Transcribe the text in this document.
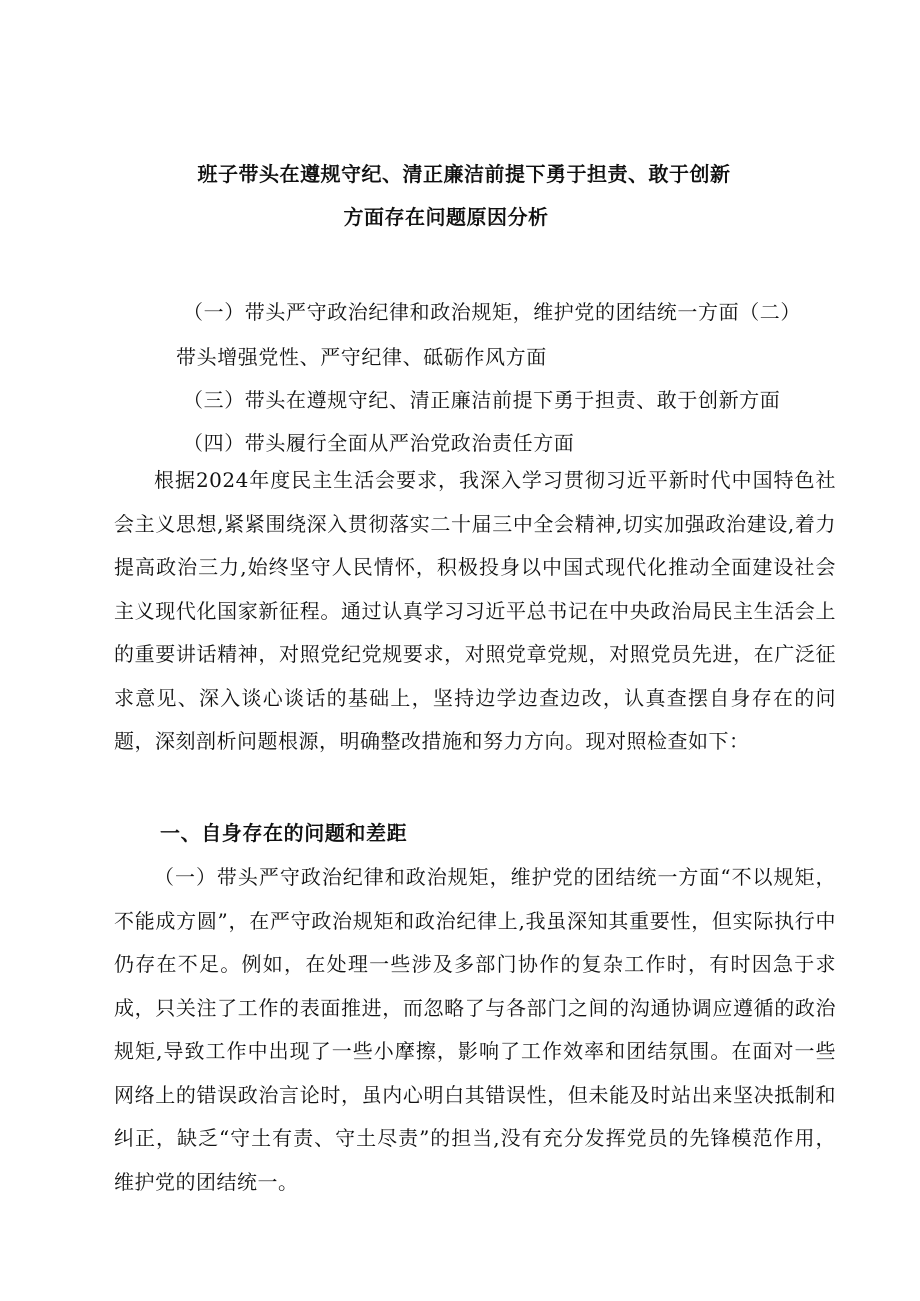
班子带头在遵规守纪、清正廉洁前提下勇于担责、敢于创新
方面存在问题原因分析
（一）带头严守政治纪律和政治规矩，维护党的团结统一方面（二）
带头增强党性、严守纪律、砥砺作风方面
（三）带头在遵规守纪、清正廉洁前提下勇于担责、敢于创新方面
（四）带头履行全面从严治党政治责任方面
根据2024年度民主生活会要求，我深入学习贯彻习近平新时代中国特色社会主义思想,紧紧围绕深入贯彻落实二十届三中全会精神,切实加强政治建设,着力提高政治三力,始终坚守人民情怀，积极投身以中国式现代化推动全面建设社会主义现代化国家新征程。通过认真学习习近平总书记在中央政治局民主生活会上的重要讲话精神，对照党纪党规要求，对照党章党规，对照党员先进，在广泛征求意见、深入谈心谈话的基础上，坚持边学边查边改，认真查摆自身存在的问题，深刻剖析问题根源，明确整改措施和努力方向。现对照检查如下：
一、自身存在的问题和差距
（一）带头严守政治纪律和政治规矩，维护党的团结统一方面“不以规矩，不能成方圆”，在严守政治规矩和政治纪律上,我虽深知其重要性，但实际执行中仍存在不足。例如，在处理一些涉及多部门协作的复杂工作时，有时因急于求成，只关注了工作的表面推进，而忽略了与各部门之间的沟通协调应遵循的政治规矩,导致工作中出现了一些小摩擦，影响了工作效率和团结氛围。在面对一些网络上的错误政治言论时，虽内心明白其错误性，但未能及时站出来坚决抵制和纠正，缺乏“守土有责、守土尽责”的担当,没有充分发挥党员的先锋模范作用，维护党的团结统一。
